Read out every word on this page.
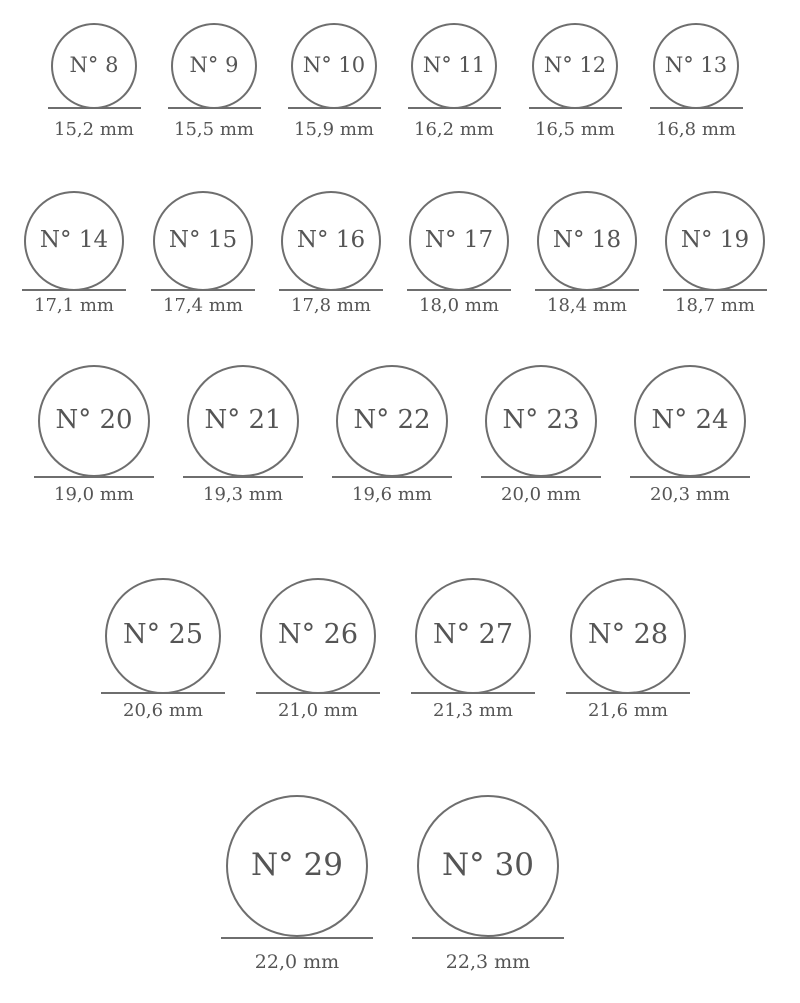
N° 8
15,2 mm
N° 9
15,5 mm
N° 10
15,9 mm
N° 11
16,2 mm
N° 12
16,5 mm
N° 13
16,8 mm
N° 14
17,1 mm
N° 15
17,4 mm
N° 16
17,8 mm
N° 17
18,0 mm
N° 18
18,4 mm
N° 19
18,7 mm
N° 20
19,0 mm
N° 21
19,3 mm
N° 22
19,6 mm
N° 23
20,0 mm
N° 24
20,3 mm
N° 25
20,6 mm
N° 26
21,0 mm
N° 27
21,3 mm
N° 28
21,6 mm
N° 29
22,0 mm
N° 30
22,3 mm
